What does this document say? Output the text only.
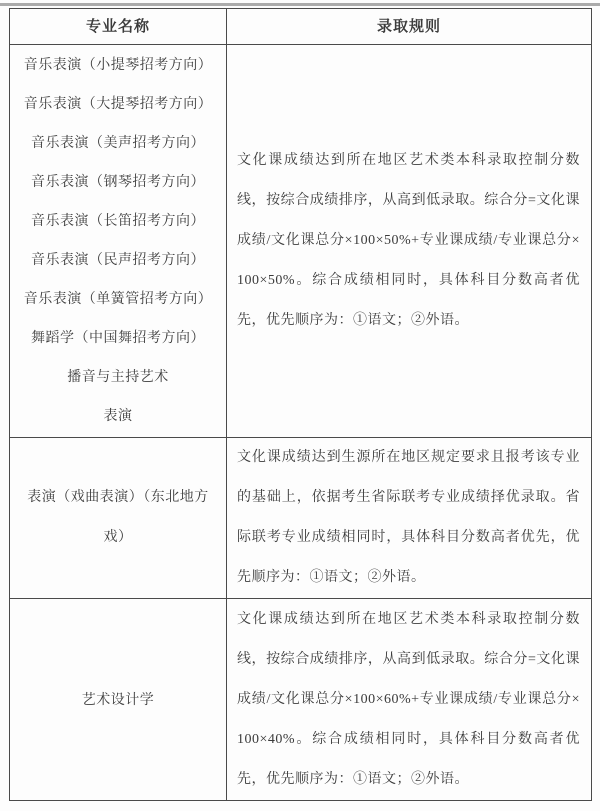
专业名称	录取规则
音乐表演（小提琴招考方向）
音乐表演（大提琴招考方向）
音乐表演（美声招考方向）
音乐表演（钢琴招考方向）
音乐表演（长笛招考方向）
音乐表演（民声招考方向）
音乐表演（单簧管招考方向）
舞蹈学（中国舞招考方向）
播音与主持艺术
表演

文化课成绩达到所在地区艺术类本科录取控制分数线，按综合成绩排序，从高到低录取。综合分=文化课成绩/文化课总分×100×50%+专业课成绩/专业课总分×100×50%。综合成绩相同时，具体科目分数高者优先，优先顺序为：①语文；②外语。

表演（戏曲表演）（东北地方戏）

文化课成绩达到生源所在地区规定要求且报考该专业的基础上，依据考生省际联考专业成绩择优录取。省际联考专业成绩相同时，具体科目分数高者优先，优先顺序为：①语文；②外语。

艺术设计学

文化课成绩达到所在地区艺术类本科录取控制分数线，按综合成绩排序，从高到低录取。综合分=文化课成绩/文化课总分×100×60%+专业课成绩/专业课总分×100×40%。综合成绩相同时，具体科目分数高者优先，优先顺序为：①语文；②外语。
